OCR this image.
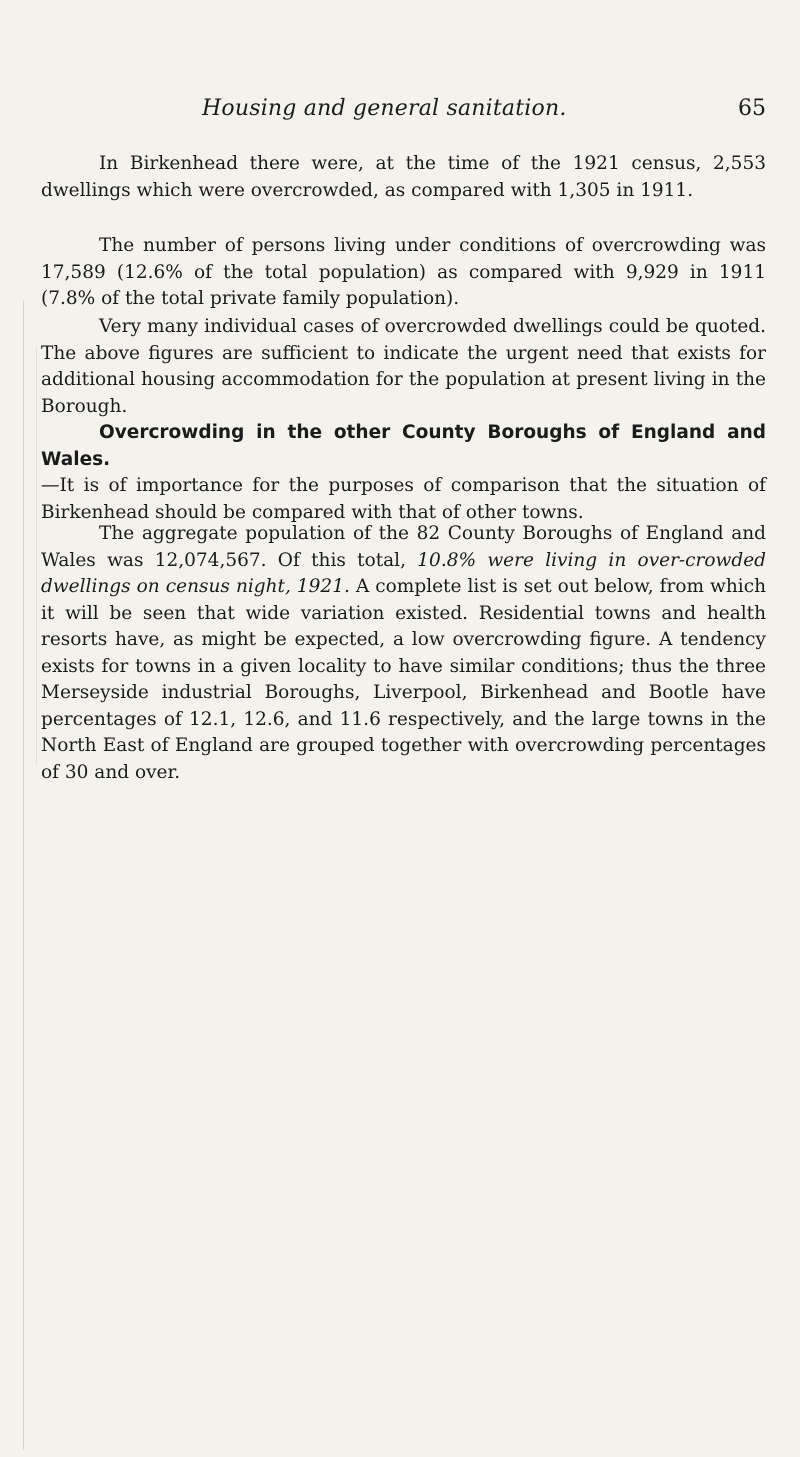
Housing and general sanitation.	65

In Birkenhead there were, at the time of the 1921 census, 2,553 dwellings which were overcrowded, as compared with 1,305 in 1911.

The number of persons living under conditions of overcrowding was 17,589 (12.6% of the total population) as compared with 9,929 in 1911 (7.8% of the total private family population).

Very many individual cases of overcrowded dwellings could be quoted. The above figures are sufficient to indicate the urgent need that exists for additional housing accommodation for the population at present living in the Borough.

Overcrowding in the other County Boroughs of England and Wales.
—It is of importance for the purposes of comparison that the situation of Birkenhead should be compared with that of other towns.

The aggregate population of the 82 County Boroughs of England and Wales was 12,074,567. Of this total, 10.8% were living in over-crowded dwellings on census night, 1921. A complete list is set out below, from which it will be seen that wide variation existed. Residential towns and health resorts have, as might be expected, a low overcrowding figure. A tendency exists for towns in a given locality to have similar conditions; thus the three Merseyside industrial Boroughs, Liverpool, Birkenhead and Bootle have percentages of 12.1, 12.6, and 11.6 respectively, and the large towns in the North East of England are grouped together with overcrowding percentages of 30 and over.
